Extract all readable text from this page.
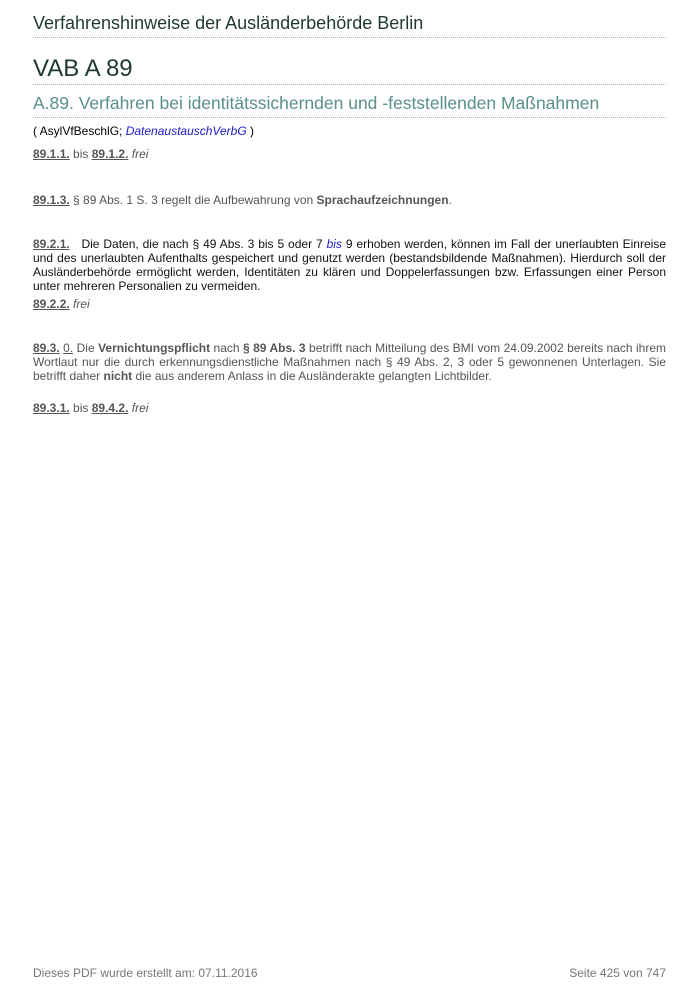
Verfahrenshinweise der Ausländerbehörde Berlin
VAB A 89
A.89. Verfahren bei identitätssichernden und -feststellenden Maßnahmen
( AsylVfBeschlG; DatenaustauschVerbG )
89.1.1. bis 89.1.2. frei
89.1.3. § 89 Abs. 1 S. 3 regelt die Aufbewahrung von Sprachaufzeichnungen.
89.2.1.   Die Daten, die nach § 49 Abs. 3 bis 5 oder 7 bis 9 erhoben werden, können im Fall der unerlaubten Einreise und des unerlaubten Aufenthalts gespeichert und genutzt werden (bestandsbildende Maßnahmen). Hierdurch soll der Ausländerbehörde ermöglicht werden, Identitäten zu klären und Doppelerfassungen bzw. Erfassungen einer Person unter mehreren Personalien zu vermeiden.
89.2.2. frei
89.3. 0. Die Vernichtungspflicht nach § 89 Abs. 3 betrifft nach Mitteilung des BMI vom 24.09.2002 bereits nach ihrem Wortlaut nur die durch erkennungsdienstliche Maßnahmen nach § 49 Abs. 2, 3 oder 5 gewonnenen Unterlagen. Sie betrifft daher nicht die aus anderem Anlass in die Ausländerakte gelangten Lichtbilder.
89.3.1. bis 89.4.2. frei
Dieses PDF wurde erstellt am: 07.11.2016	Seite 425 von 747
